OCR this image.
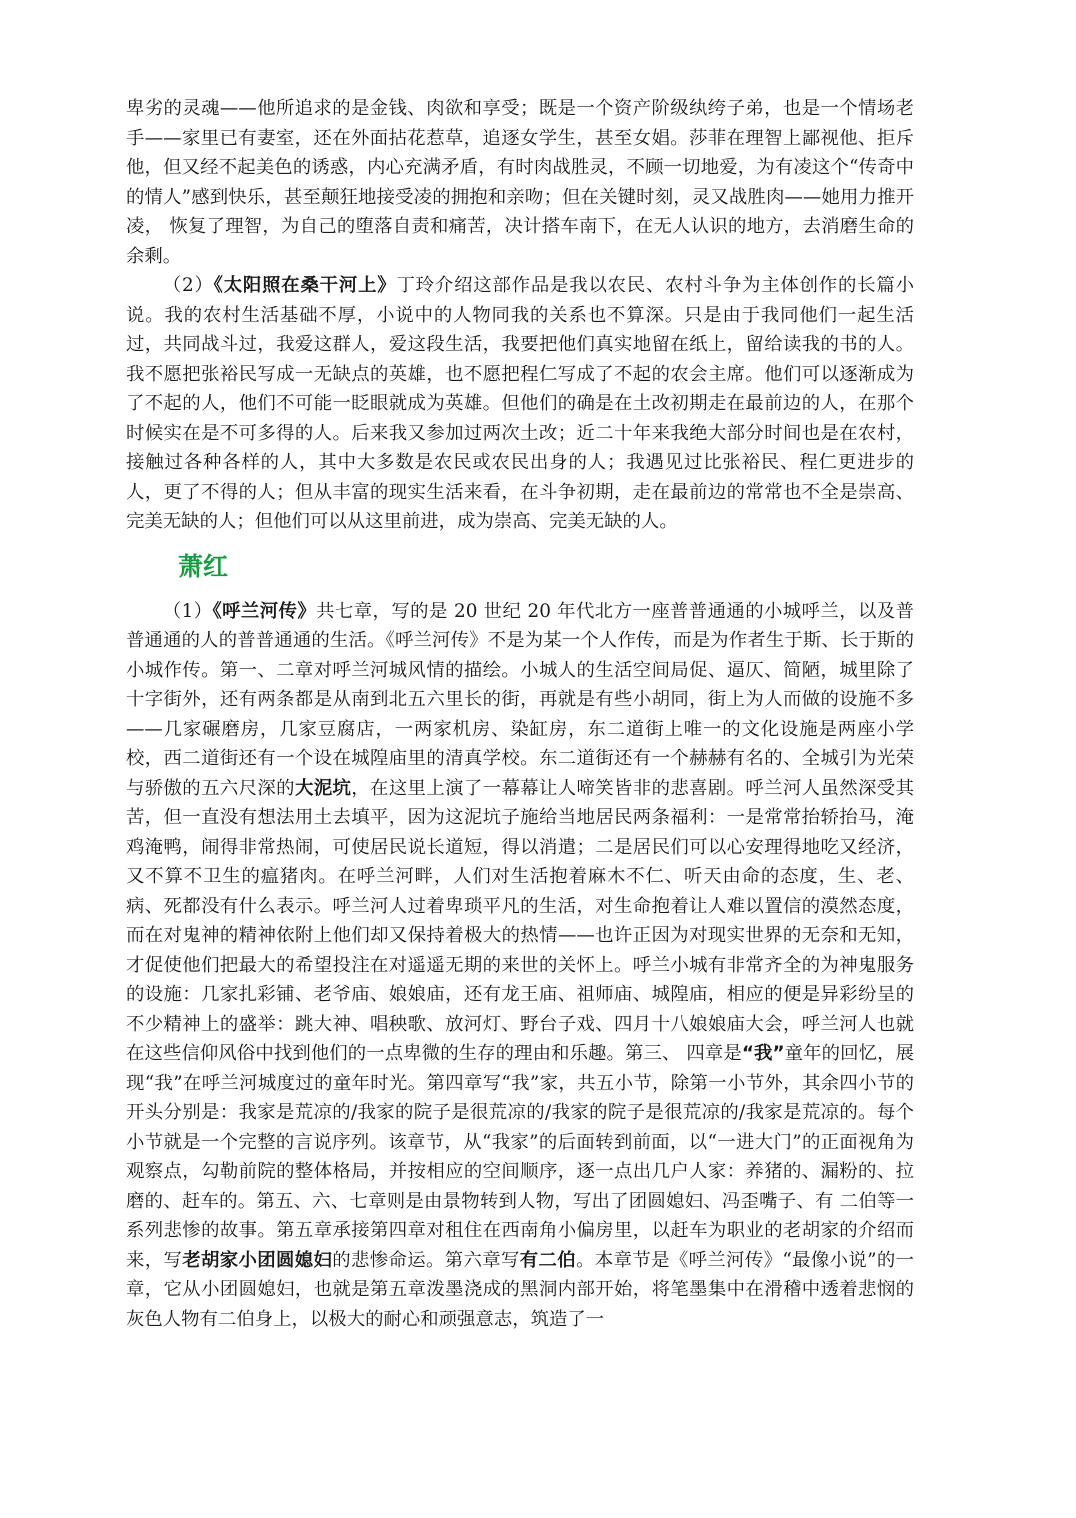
卑劣的灵魂——他所追求的是金钱、肉欲和享受；既是一个资产阶级纨绔子弟，也是一个情场老手——家里已有妻室，还在外面拈花惹草，追逐女学生，甚至女娼。莎菲在理智上鄙视他、拒斥他，但又经不起美色的诱惑，内心充满矛盾，有时肉战胜灵，不顾一切地爱，为有凌这个“传奇中的情人”感到快乐，甚至颠狂地接受凌的拥抱和亲吻；但在关键时刻，灵又战胜肉——她用力推开凌， 恢复了理智，为自己的堕落自责和痛苦，决计搭车南下，在无人认识的地方，去消磨生命的余剩。

（2）《太阳照在桑干河上》丁玲介绍这部作品是我以农民、农村斗争为主体创作的长篇小说。我的农村生活基础不厚，小说中的人物同我的关系也不算深。只是由于我同他们一起生活过，共同战斗过，我爱这群人，爱这段生活，我要把他们真实地留在纸上，留给读我的书的人。我不愿把张裕民写成一无缺点的英雄，也不愿把程仁写成了不起的农会主席。他们可以逐渐成为了不起的人，他们不可能一眨眼就成为英雄。但他们的确是在土改初期走在最前边的人，在那个时候实在是不可多得的人。后来我又参加过两次土改；近二十年来我绝大部分时间也是在农村，接触过各种各样的人，其中大多数是农民或农民出身的人；我遇见过比张裕民、程仁更进步的人，更了不得的人；但从丰富的现实生活来看，在斗争初期，走在最前边的常常也不全是崇高、完美无缺的人；但他们可以从这里前进，成为崇高、完美无缺的人。

萧红

（1）《呼兰河传》共七章，写的是 20 世纪 20 年代北方一座普普通通的小城呼兰，以及普普通通的人的普普通通的生活。《呼兰河传》不是为某一个人作传，而是为作者生于斯、长于斯的小城作传。第一、二章对呼兰河城风情的描绘。小城人的生活空间局促、逼仄、简陋，城里除了十字街外，还有两条都是从南到北五六里长的街，再就是有些小胡同，街上为人而做的设施不多——几家碾磨房，几家豆腐店，一两家机房、染缸房，东二道街上唯一的文化设施是两座小学校，西二道街还有一个设在城隍庙里的清真学校。东二道街还有一个赫赫有名的、全城引为光荣与骄傲的五六尺深的大泥坑，在这里上演了一幕幕让人啼笑皆非的悲喜剧。呼兰河人虽然深受其苦，但一直没有想法用土去填平，因为这泥坑子施给当地居民两条福利：一是常常抬轿抬马，淹鸡淹鸭，闹得非常热闹，可使居民说长道短，得以消遣；二是居民们可以心安理得地吃又经济，又不算不卫生的瘟猪肉。在呼兰河畔，人们对生活抱着麻木不仁、听天由命的态度，生、老、病、死都没有什么表示。呼兰河人过着卑琐平凡的生活，对生命抱着让人难以置信的漠然态度，而在对鬼神的精神依附上他们却又保持着极大的热情——也许正因为对现实世界的无奈和无知，才促使他们把最大的希望投注在对遥遥无期的来世的关怀上。呼兰小城有非常齐全的为神鬼服务的设施：几家扎彩铺、老爷庙、娘娘庙，还有龙王庙、祖师庙、城隍庙，相应的便是异彩纷呈的不少精神上的盛举：跳大神、唱秧歌、放河灯、野台子戏、四月十八娘娘庙大会，呼兰河人也就在这些信仰风俗中找到他们的一点卑微的生存的理由和乐趣。第三、 四章是“我”童年的回忆，展现“我”在呼兰河城度过的童年时光。第四章写“我”家，共五小节，除第一小节外，其余四小节的开头分别是：我家是荒凉的/我家的院子是很荒凉的/我家的院子是很荒凉的/我家是荒凉的。每个小节就是一个完整的言说序列。该章节，从“我家”的后面转到前面，以“一进大门”的正面视角为观察点，勾勒前院的整体格局，并按相应的空间顺序，逐一点出几户人家：养猪的、漏粉的、拉磨的、赶车的。第五、六、七章则是由景物转到人物，写出了团圆媳妇、冯歪嘴子、有 二伯等一系列悲惨的故事。第五章承接第四章对租住在西南角小偏房里，以赶车为职业的老胡家的介绍而来，写老胡家小团圆媳妇的悲惨命运。第六章写有二伯。本章节是《呼兰河传》“最像小说”的一章，它从小团圆媳妇，也就是第五章泼墨浇成的黑洞内部开始，将笔墨集中在滑稽中透着悲悯的灰色人物有二伯身上，以极大的耐心和顽强意志，筑造了一
